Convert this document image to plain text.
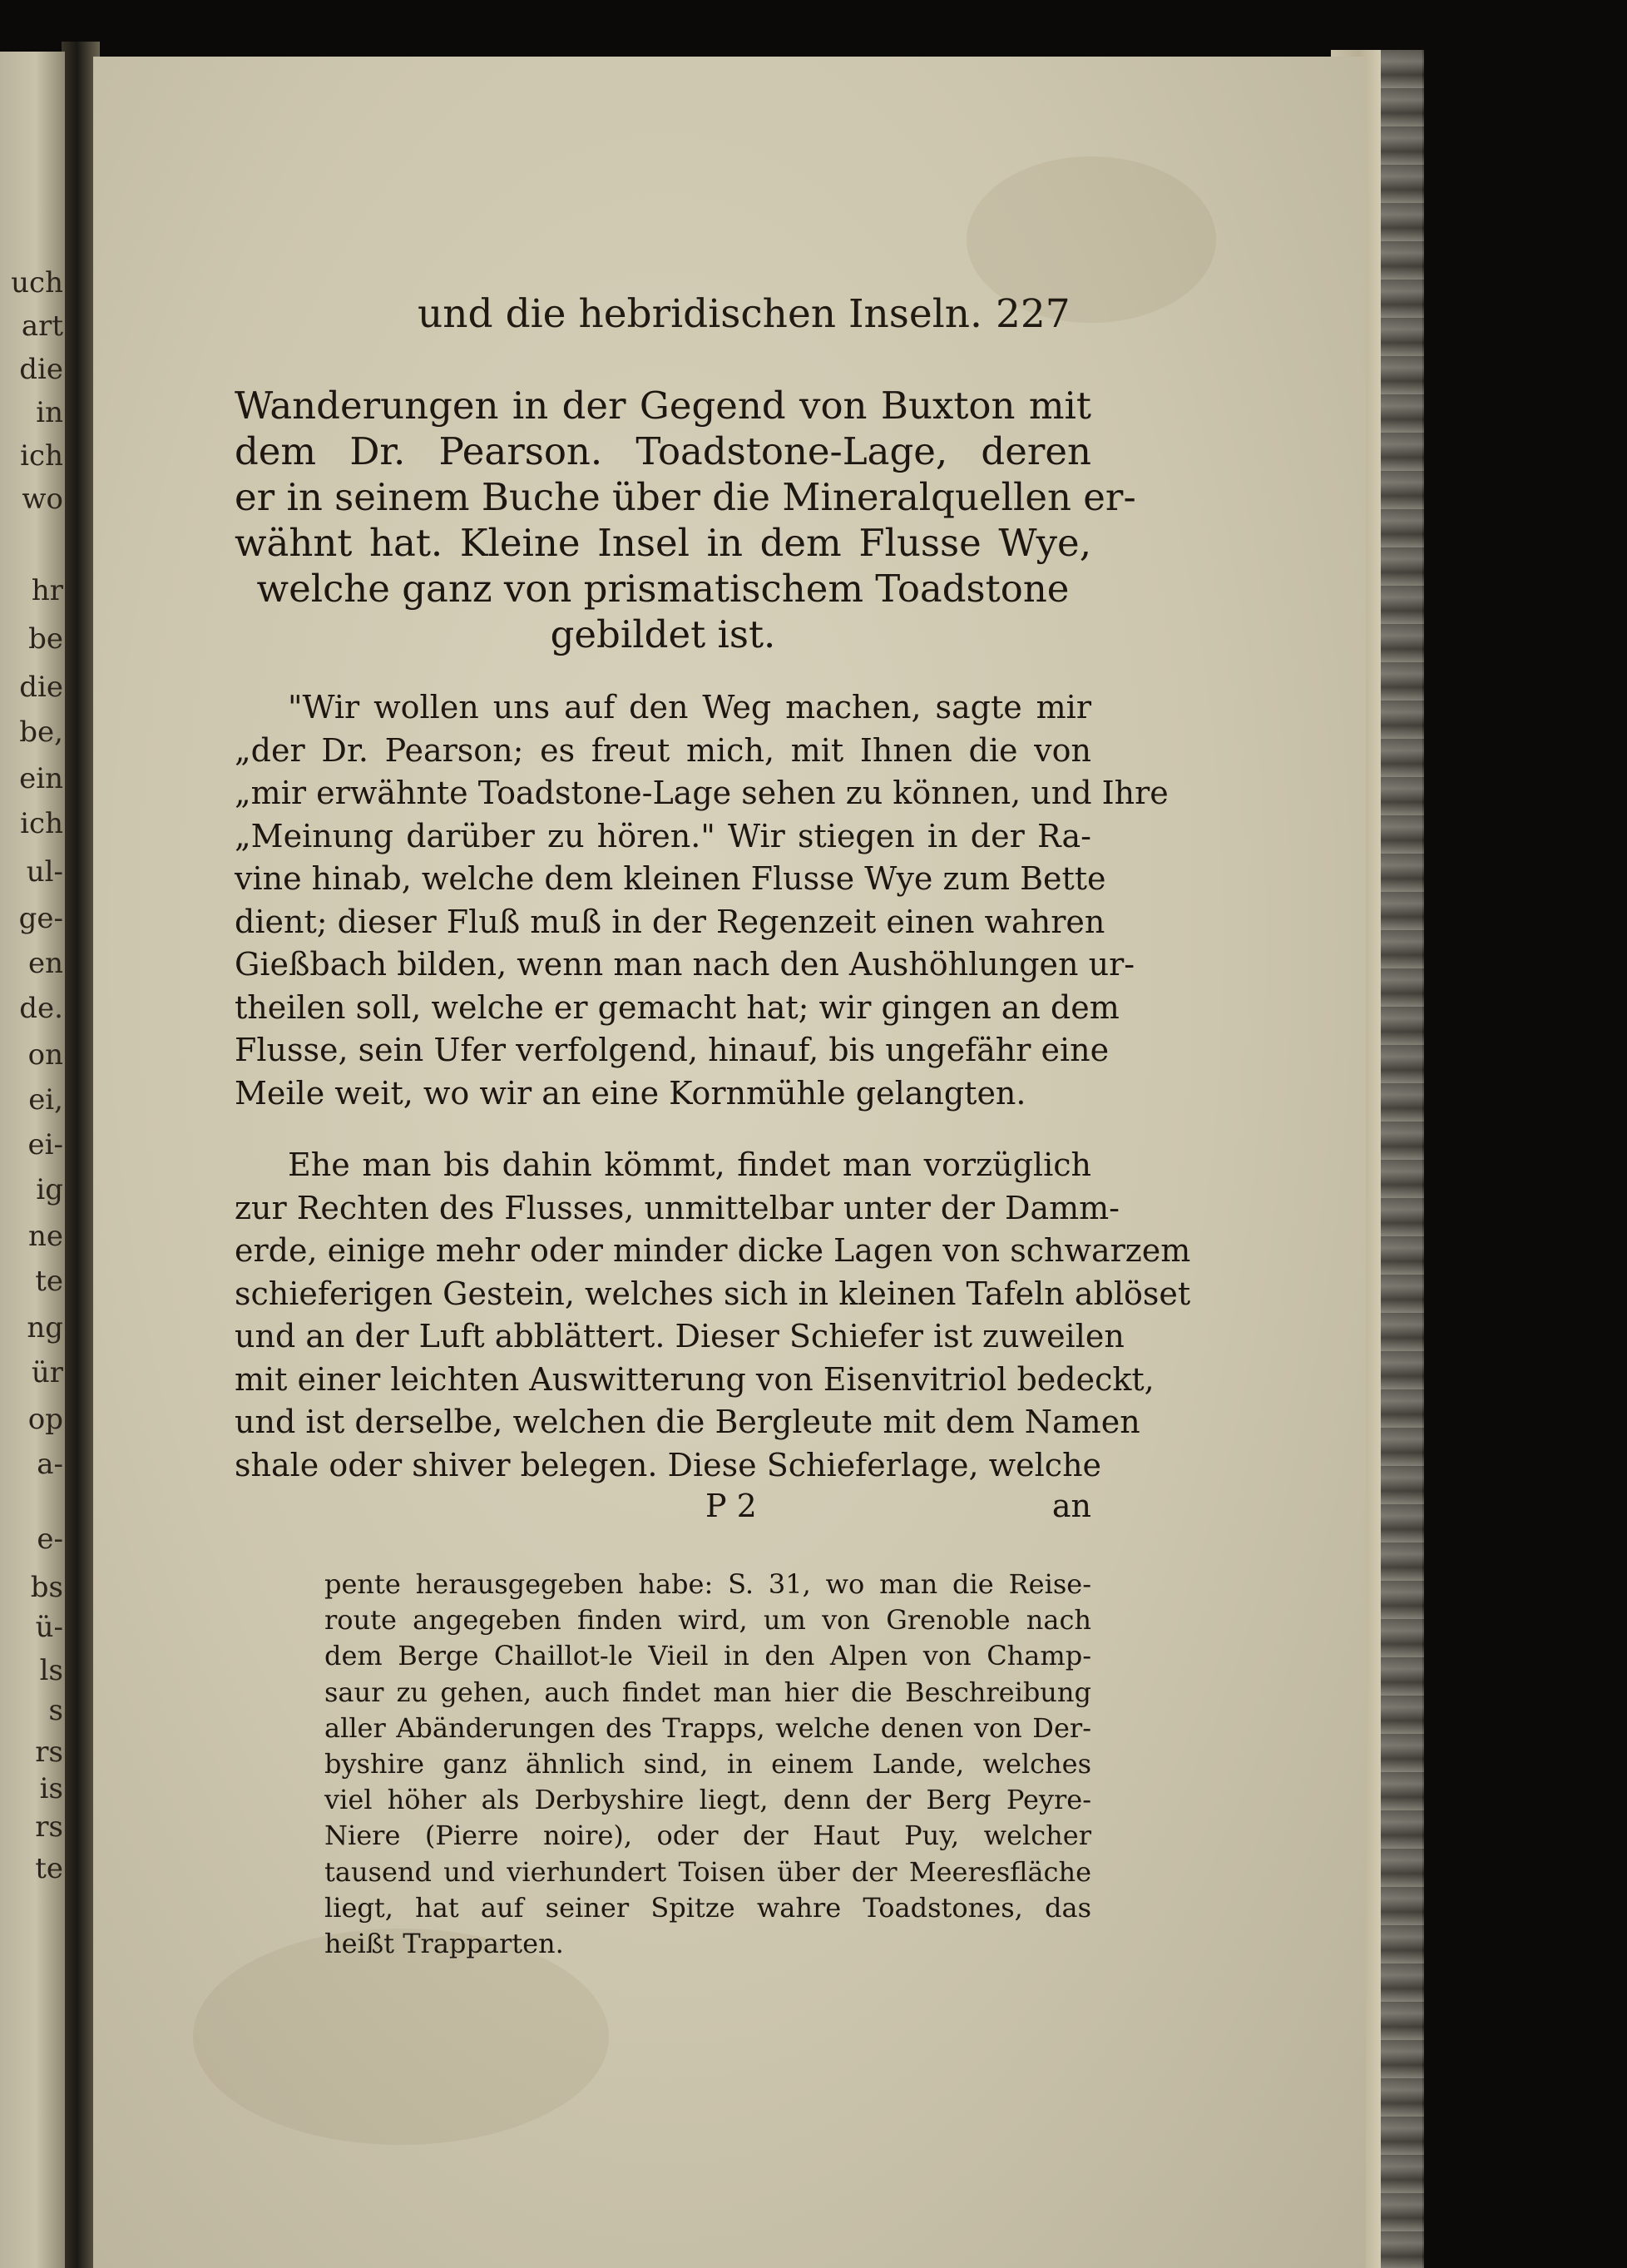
uch
art
die
in
ich
wo
hr
be
die
be,
ein
ich
ul-
ge-
en
de.
on
ei,
ei-
ig
ne
te
ng
ür
op
a-
e-
bs
ü-
ls
s
rs
is
rs
te
und die hebridischen Inseln. 227
Wanderungen in der Gegend von Buxton mit
dem Dr. Pearson. Toadstone-Lage, deren
er in seinem Buche über die Mineralquellen er-
wähnt hat. Kleine Insel in dem Flusse Wye,
welche ganz von prismatischem Toadstone
gebildet ist.
"Wir wollen uns auf den Weg machen, sagte mir
„der Dr. Pearson; es freut mich, mit Ihnen die von
„mir erwähnte Toadstone-Lage sehen zu können, und Ihre
„Meinung darüber zu hören." Wir stiegen in der Ra-
vine hinab, welche dem kleinen Flusse Wye zum Bette
dient; dieser Fluß muß in der Regenzeit einen wahren
Gießbach bilden, wenn man nach den Aushöhlungen ur-
theilen soll, welche er gemacht hat; wir gingen an dem
Flusse, sein Ufer verfolgend, hinauf, bis ungefähr eine
Meile weit, wo wir an eine Kornmühle gelangten.
Ehe man bis dahin kömmt, findet man vorzüglich
zur Rechten des Flusses, unmittelbar unter der Damm-
erde, einige mehr oder minder dicke Lagen von schwarzem
schieferigen Gestein, welches sich in kleinen Tafeln ablöset
und an der Luft abblättert. Dieser Schiefer ist zuweilen
mit einer leichten Auswitterung von Eisenvitriol bedeckt,
und ist derselbe, welchen die Bergleute mit dem Namen
shale oder shiver belegen. Diese Schieferlage, welche
P 2	an
pente herausgegeben habe: S. 31, wo man die Reise-
route angegeben finden wird, um von Grenoble nach
dem Berge Chaillot-le Vieil in den Alpen von Champ-
saur zu gehen, auch findet man hier die Beschreibung
aller Abänderungen des Trapps, welche denen von Der-
byshire ganz ähnlich sind, in einem Lande, welches
viel höher als Derbyshire liegt, denn der Berg Peyre-
Niere (Pierre noire), oder der Haut Puy, welcher
tausend und vierhundert Toisen über der Meeresfläche
liegt, hat auf seiner Spitze wahre Toadstones, das
heißt Trapparten.
